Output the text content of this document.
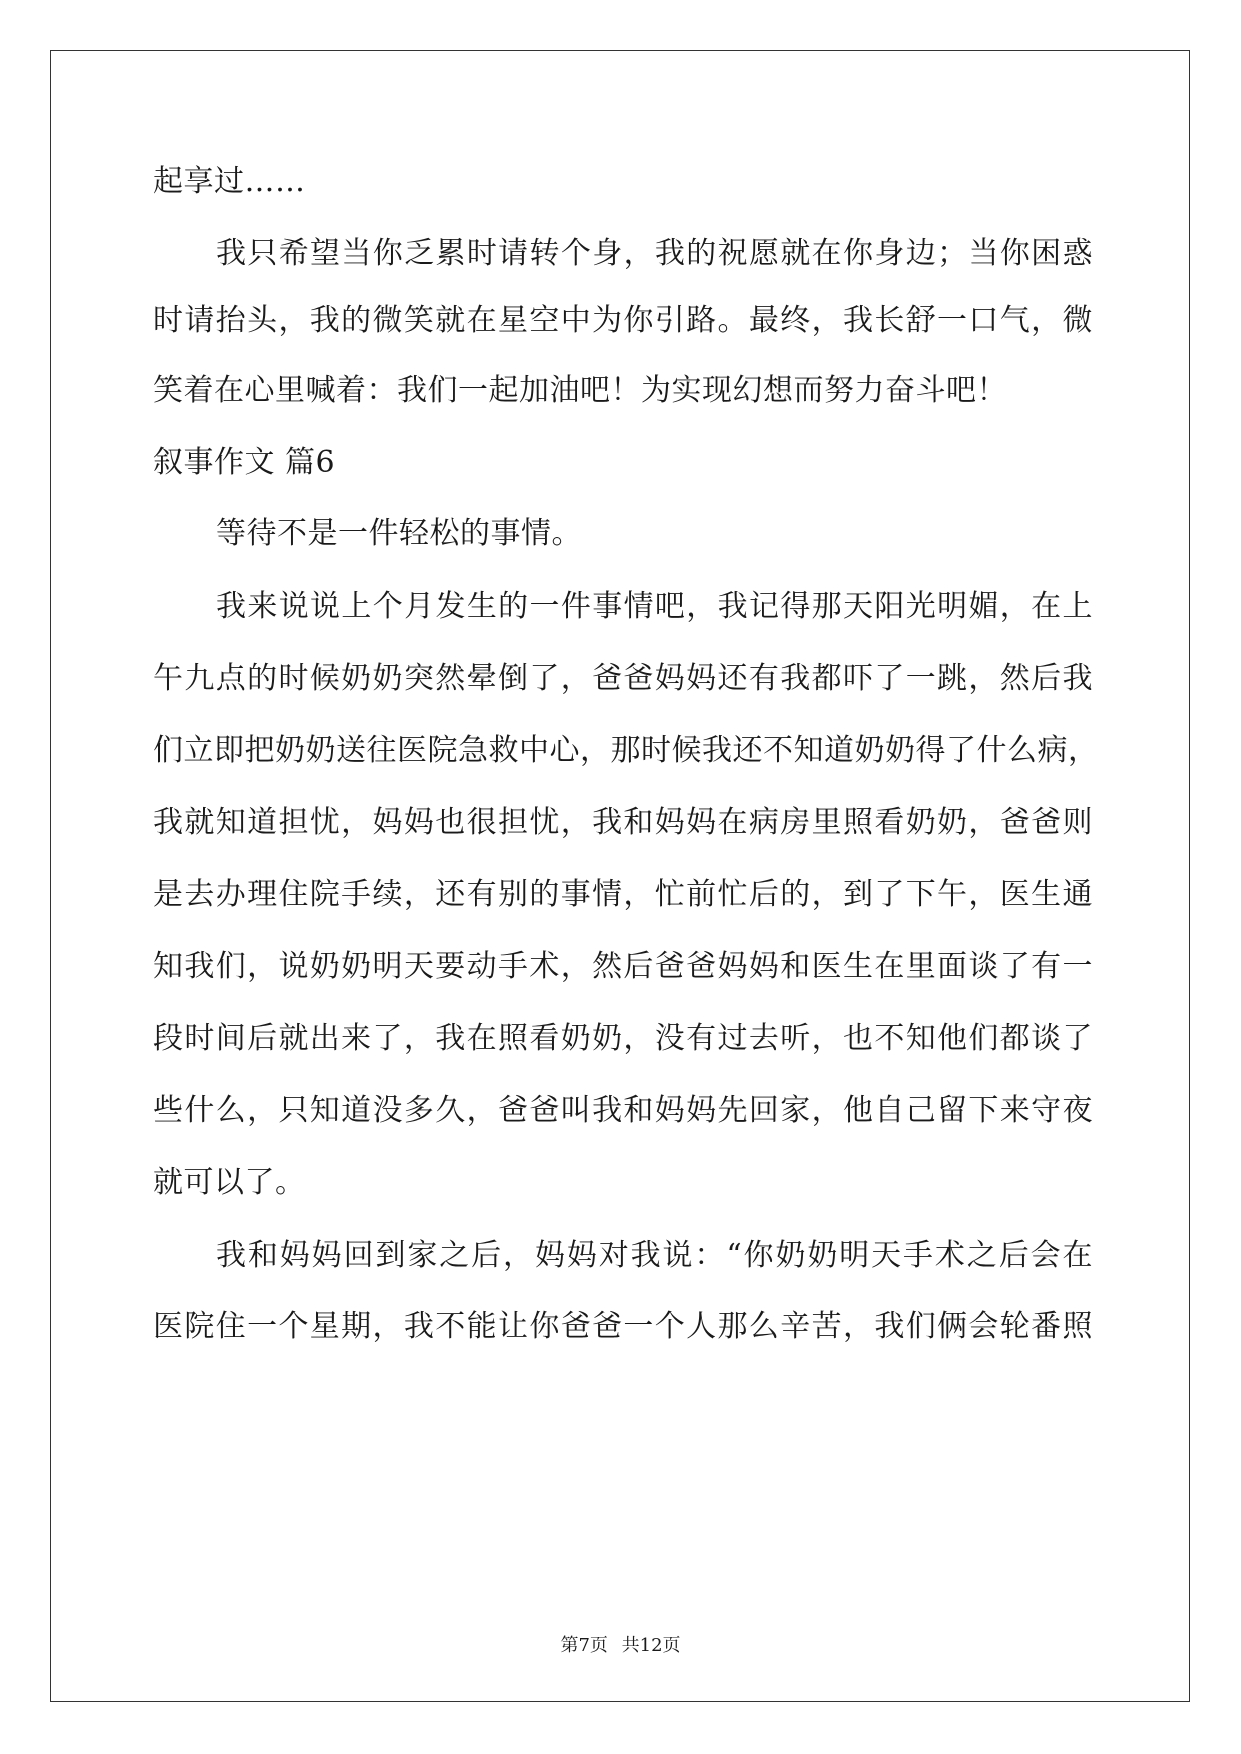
起享过……
我只希望当你乏累时请转个身，我的祝愿就在你身边；当你困惑
时请抬头，我的微笑就在星空中为你引路。最终，我长舒一口气，微
笑着在心里喊着：我们一起加油吧！为实现幻想而努力奋斗吧！
叙事作文 篇6
等待不是一件轻松的事情。
我来说说上个月发生的一件事情吧，我记得那天阳光明媚，在上
午九点的时候奶奶突然晕倒了，爸爸妈妈还有我都吓了一跳，然后我
们立即把奶奶送往医院急救中心，那时候我还不知道奶奶得了什么病，
我就知道担忧，妈妈也很担忧，我和妈妈在病房里照看奶奶，爸爸则
是去办理住院手续，还有别的事情，忙前忙后的，到了下午，医生通
知我们，说奶奶明天要动手术，然后爸爸妈妈和医生在里面谈了有一
段时间后就出来了，我在照看奶奶，没有过去听，也不知他们都谈了
些什么，只知道没多久，爸爸叫我和妈妈先回家，他自己留下来守夜
就可以了。
我和妈妈回到家之后，妈妈对我说：“你奶奶明天手术之后会在
医院住一个星期，我不能让你爸爸一个人那么辛苦，我们俩会轮番照
第7页 共12页
